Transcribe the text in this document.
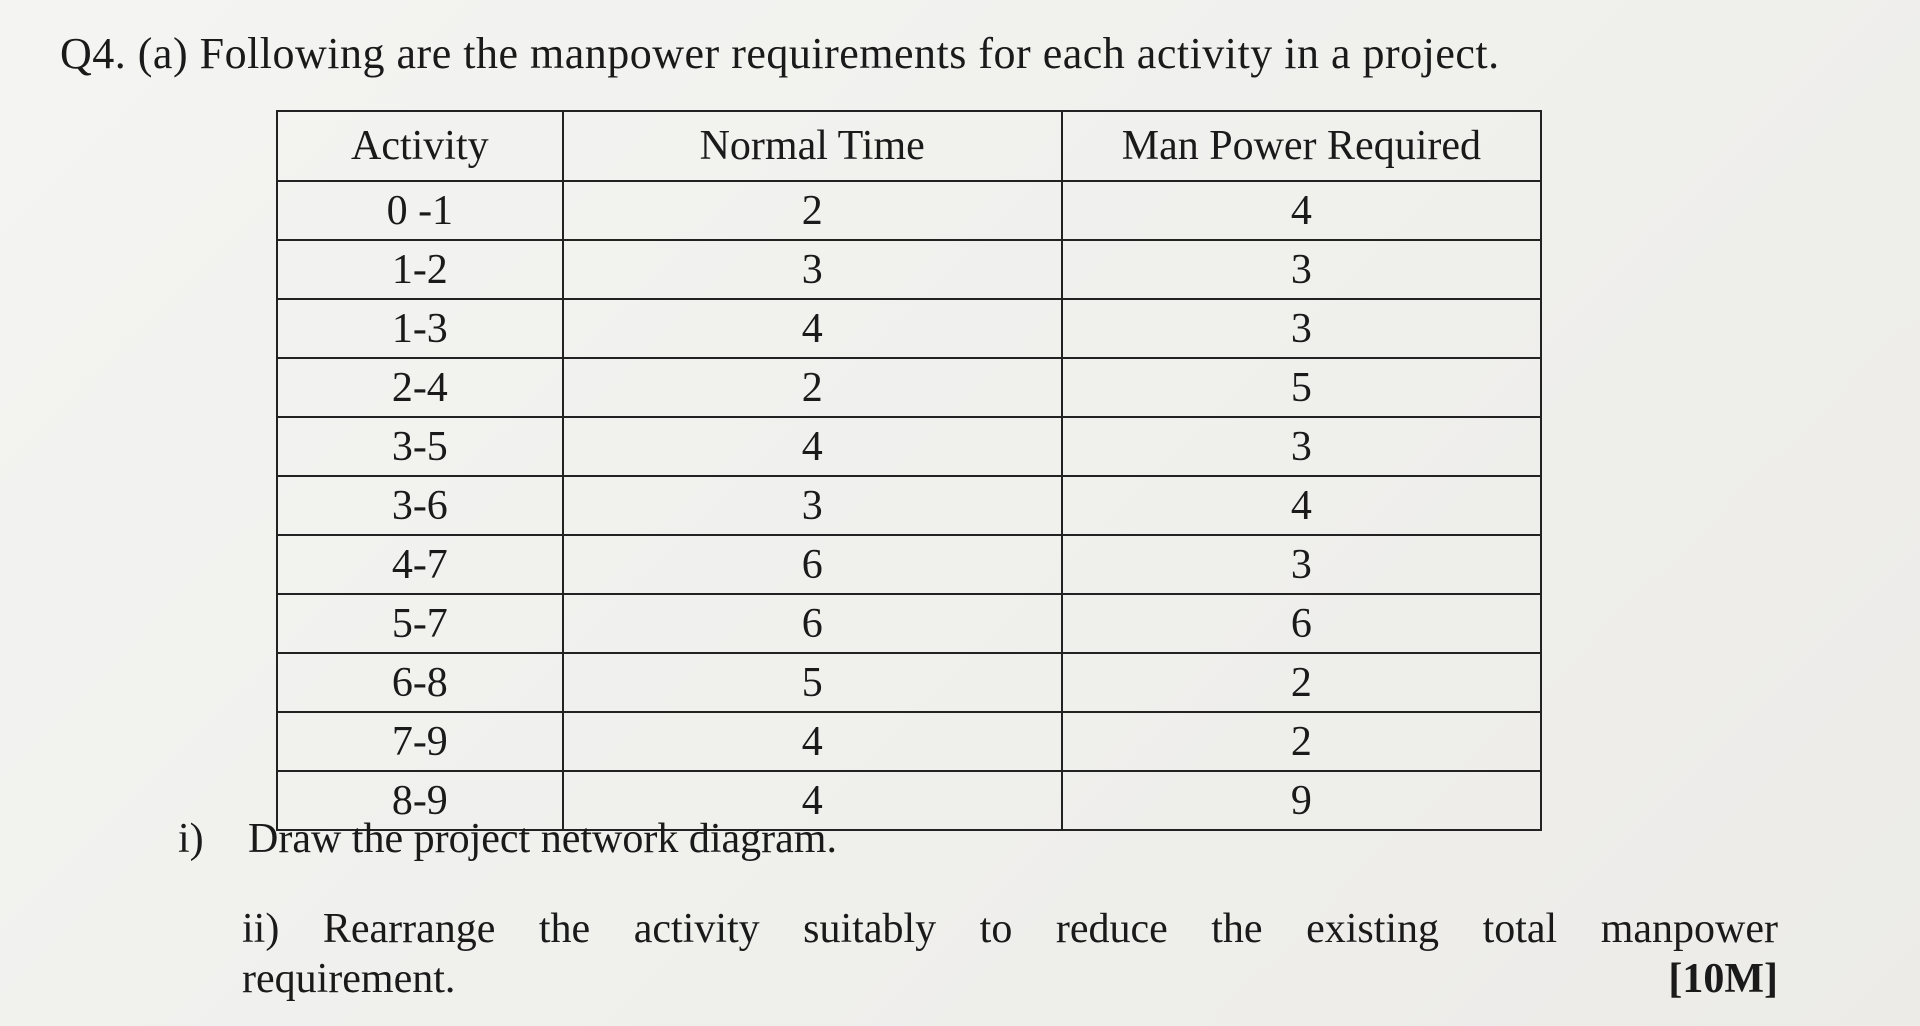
Q4. (a) Following are the manpower requirements for each activity in a project.
Activity	Normal Time	Man Power Required
0 -1	2	4
1-2	3	3
1-3	4	3
2-4	2	5
3-5	4	3
3-6	3	4
4-7	6	3
5-7	6	6
6-8	5	2
7-9	4	2
8-9	4	9
i) Draw the project network diagram.
ii) Rearrange the activity suitably to reduce the existing total manpower
requirement.	[10M]
